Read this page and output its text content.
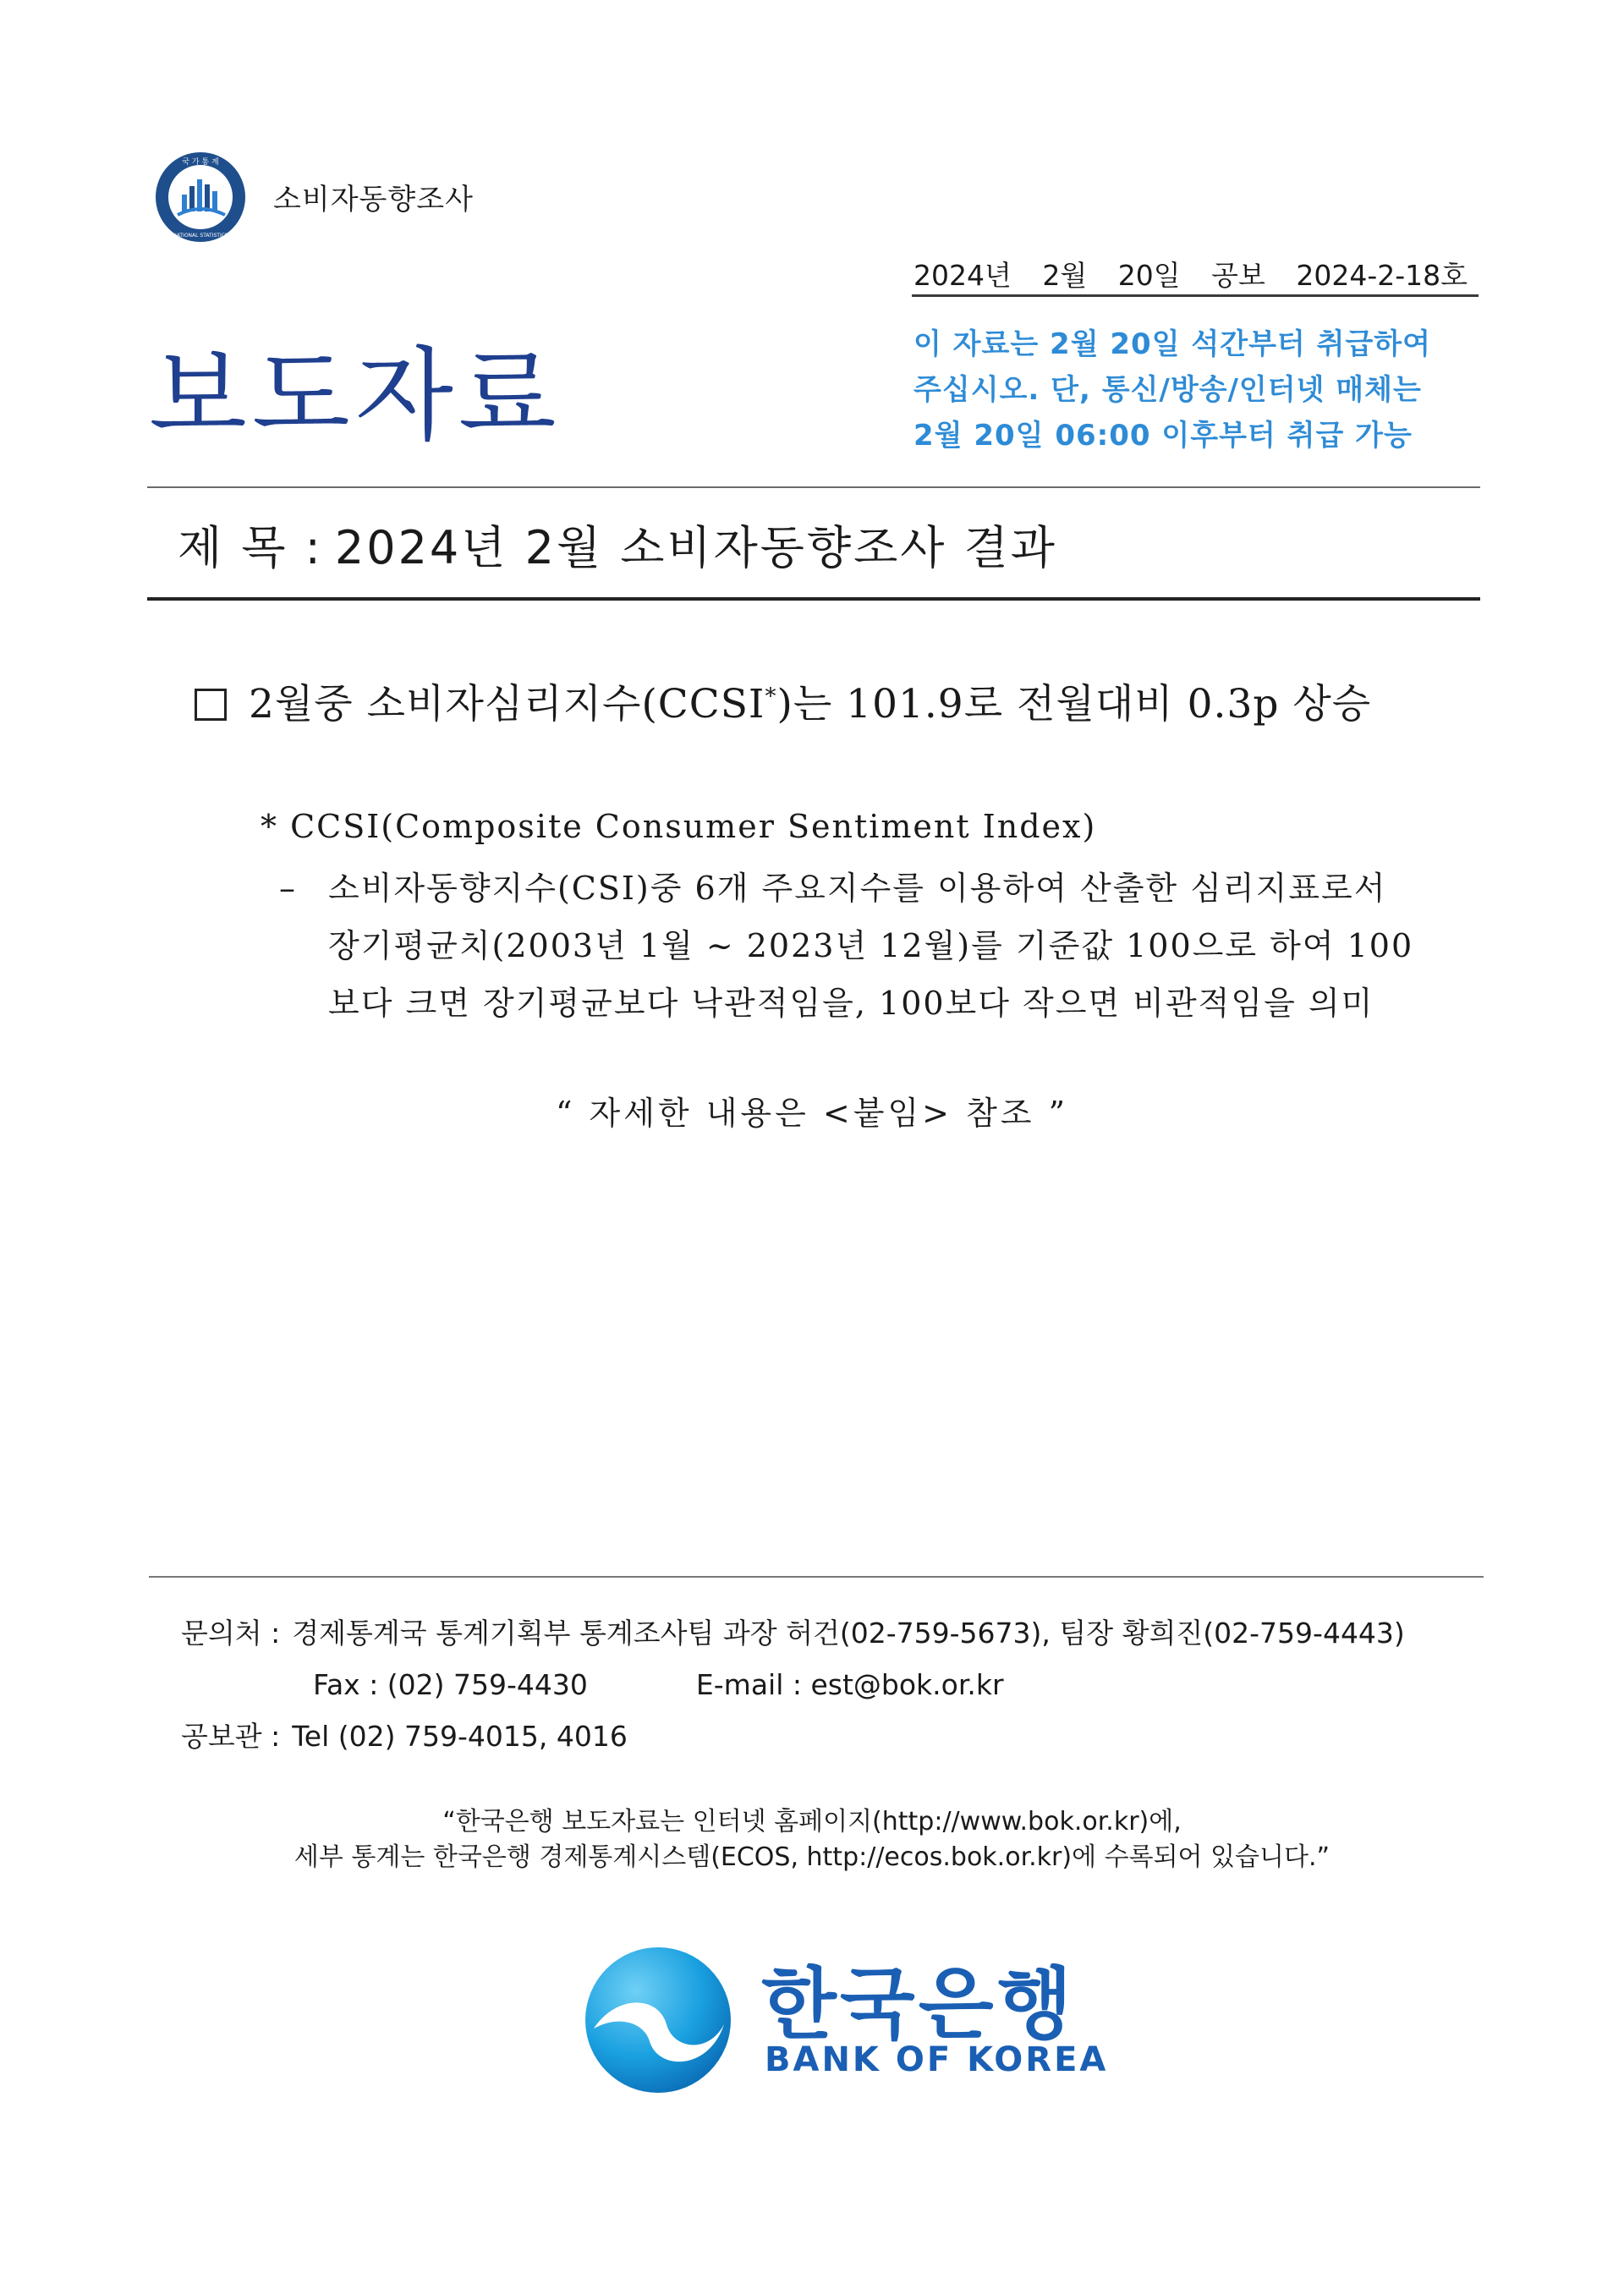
국 가 통 계
NATIONAL STATISTICS
소비자동향조사
2024년 2월 20일 공보 2024-2-18호
보도자료	이 자료는 2월 20일 석간부터 취급하여
주십시오. 단, 통신/방송/인터넷 매체는
2월 20일 06:00 이후부터 취급 가능
제 목 : 2024년 2월 소비자동향조사 결과
2월중 소비자심리지수(CCSI*)는 101.9로 전월대비 0.3p 상승
* CCSI(Composite Consumer Sentiment Index)
– 소비자동향지수(CSI)중 6개 주요지수를 이용하여 산출한 심리지표로서
장기평균치(2003년 1월 ~ 2023년 12월)를 기준값 100으로 하여 100
보다 크면 장기평균보다 낙관적임을, 100보다 작으면 비관적임을 의미
“ 자세한 내용은 <붙임> 참조 ”
문의처 : 경제통계국 통계기획부 통계조사팀 과장 허건(02-759-5673), 팀장 황희진(02-759-4443)
Fax : (02) 759-4430	E-mail : est@bok.or.kr
공보관 : Tel (02) 759-4015, 4016
“한국은행 보도자료는 인터넷 홈페이지(http://www.bok.or.kr)에,
세부 통계는 한국은행 경제통계시스템(ECOS, http://ecos.bok.or.kr)에 수록되어 있습니다.”
한국은행
BANK OF KOREA
